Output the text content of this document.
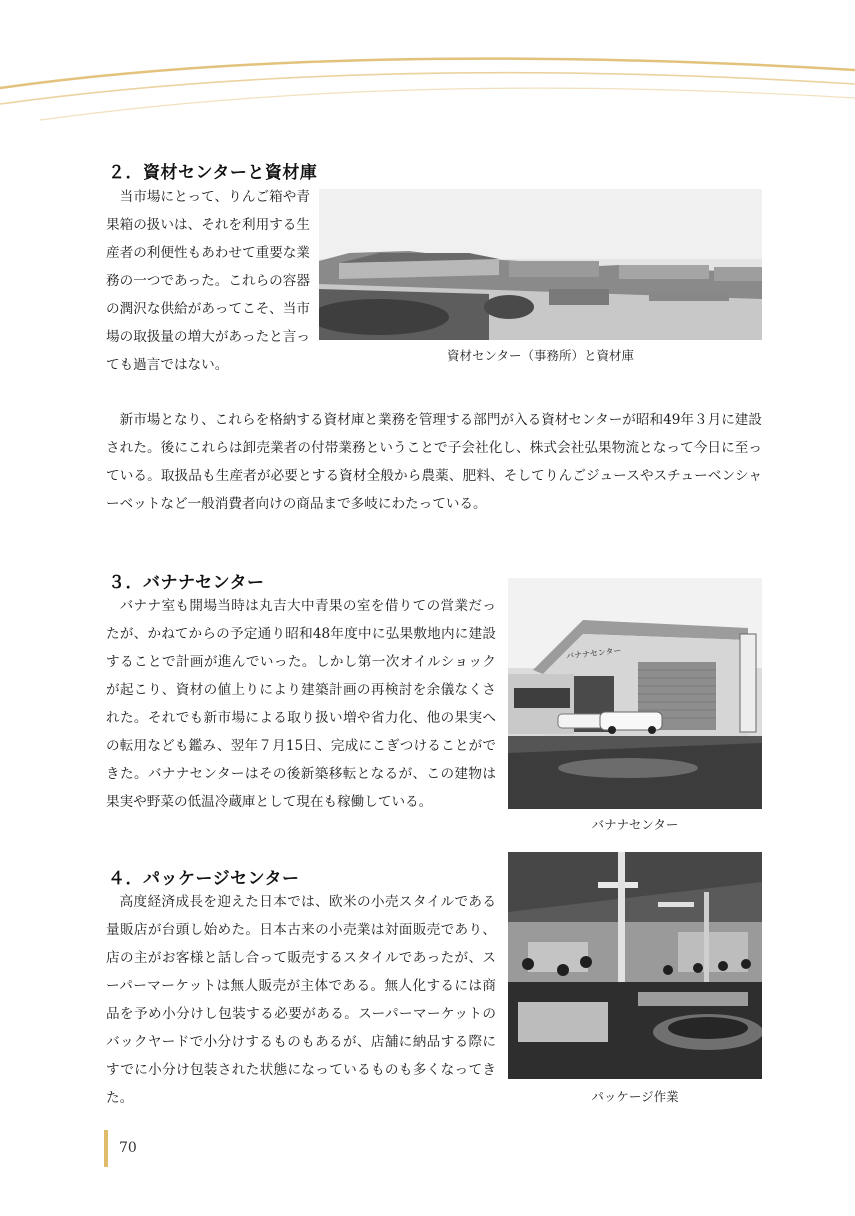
２．資材センターと資材庫

当市場にとって、りんご箱や青果箱の扱いは、それを利用する生産者の利便性もあわせて重要な業務の一つであった。これらの容器の潤沢な供給があってこそ、当市場の取扱量の増大があったと言っても過言ではない。

資材センター（事務所）と資材庫

新市場となり、これらを格納する資材庫と業務を管理する部門が入る資材センターが昭和49年３月に建設された。後にこれらは卸売業者の付帯業務ということで子会社化し、株式会社弘果物流となって今日に至っている。取扱品も生産者が必要とする資材全般から農薬、肥料、そしてりんごジュースやスチューベンシャーベットなど一般消費者向けの商品まで多岐にわたっている。

３．バナナセンター

バナナ室も開場当時は丸吉大中青果の室を借りての営業だったが、かねてからの予定通り昭和48年度中に弘果敷地内に建設することで計画が進んでいった。しかし第一次オイルショックが起こり、資材の値上りにより建築計画の再検討を余儀なくされた。それでも新市場による取り扱い増や省力化、他の果実への転用なども鑑み、翌年７月15日、完成にこぎつけることができた。バナナセンターはその後新築移転となるが、この建物は果実や野菜の低温冷蔵庫として現在も稼働している。

バナナセンター
バナナセンター
４．パッケージセンター

高度経済成長を迎えた日本では、欧米の小売スタイルである量販店が台頭し始めた。日本古来の小売業は対面販売であり、店の主がお客様と話し合って販売するスタイルであったが、スーパーマーケットは無人販売が主体である。無人化するには商品を予め小分けし包装する必要がある。スーパーマーケットのバックヤードで小分けするものもあるが、店舗に納品する際にすでに小分け包装された状態になっているものも多くなってきた。	パッケージ作業
70
